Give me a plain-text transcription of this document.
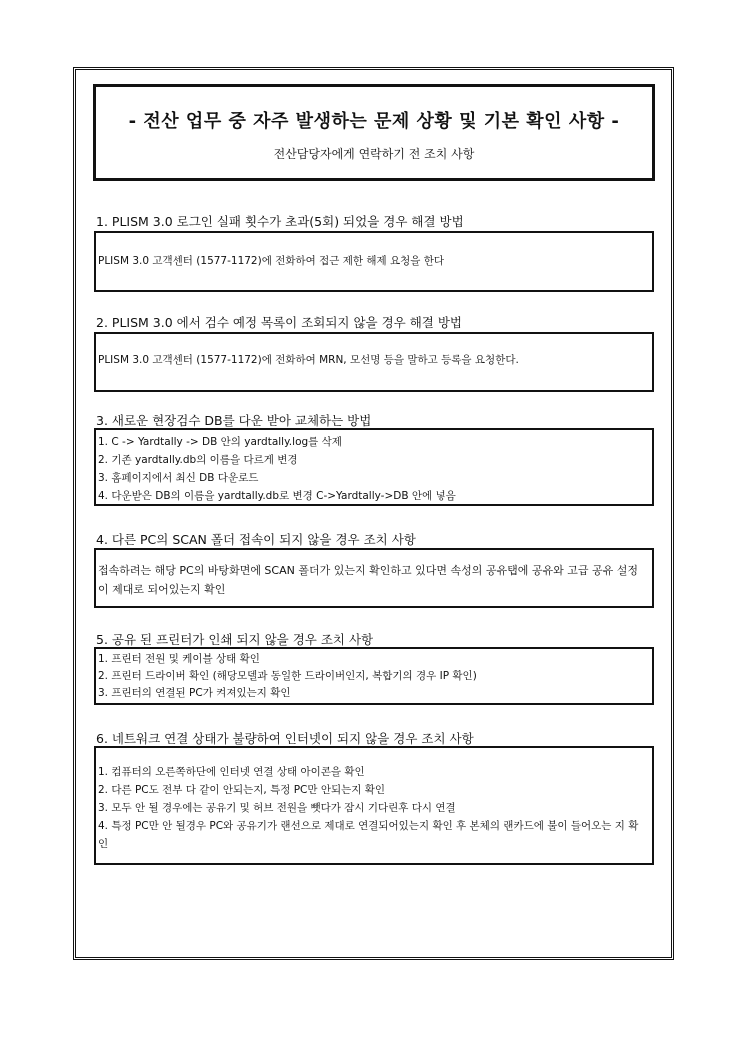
- 전산 업무 중 자주 발생하는 문제 상황 및 기본 확인 사항 -
전산담당자에게 연락하기 전 조치 사항
1. PLISM 3.0 로그인 실패 횟수가 초과(5회) 되었을 경우 해결 방법
PLISM 3.0 고객센터 (1577-1172)에 전화하여 접근 제한 해제 요청을 한다
2. PLISM 3.0 에서 검수 예정 목록이 조회되지 않을 경우 해결 방법
PLISM 3.0 고객센터 (1577-1172)에 전화하여 MRN, 모선명 등을 말하고 등록을 요청한다.
3. 새로운 현장검수 DB를 다운 받아 교체하는 방법
1. C -> Yardtally -> DB 안의 yardtally.log를 삭제
2. 기존 yardtally.db의 이름을 다르게 변경
3. 홈페이지에서 최신 DB 다운로드
4. 다운받은 DB의 이름을 yardtally.db로 변경 C->Yardtally->DB 안에 넣음
4. 다른 PC의 SCAN 폴더 접속이 되지 않을 경우 조치 사항
접속하려는 해당 PC의 바탕화면에 SCAN 폴더가 있는지 확인하고 있다면 속성의 공유탭에 공유와 고급 공유 설정이 제대로 되어있는지 확인
5. 공유 된 프린터가 인쇄 되지 않을 경우 조치 사항
1. 프린터 전원 및 케이블 상태 확인
2. 프린터 드라이버 확인 (해당모델과 동일한 드라이버인지, 복합기의 경우 IP 확인)
3. 프린터의 연결된 PC가 켜져있는지 확인
6. 네트워크 연결 상태가 불량하여 인터넷이 되지 않을 경우 조치 사항
1. 컴퓨터의 오른쪽하단에 인터넷 연결 상태 아이콘을 확인
2. 다른 PC도 전부 다 같이 안되는지, 특정 PC만 안되는지 확인
3. 모두 안 될 경우에는 공유기 및 허브 전원을 뺏다가 잠시 기다린후 다시 연결
4. 특정 PC만 안 될경우 PC와 공유기가 랜선으로 제대로 연결되어있는지 확인 후 본체의 랜카드에 불이 들어오는 지 확인
